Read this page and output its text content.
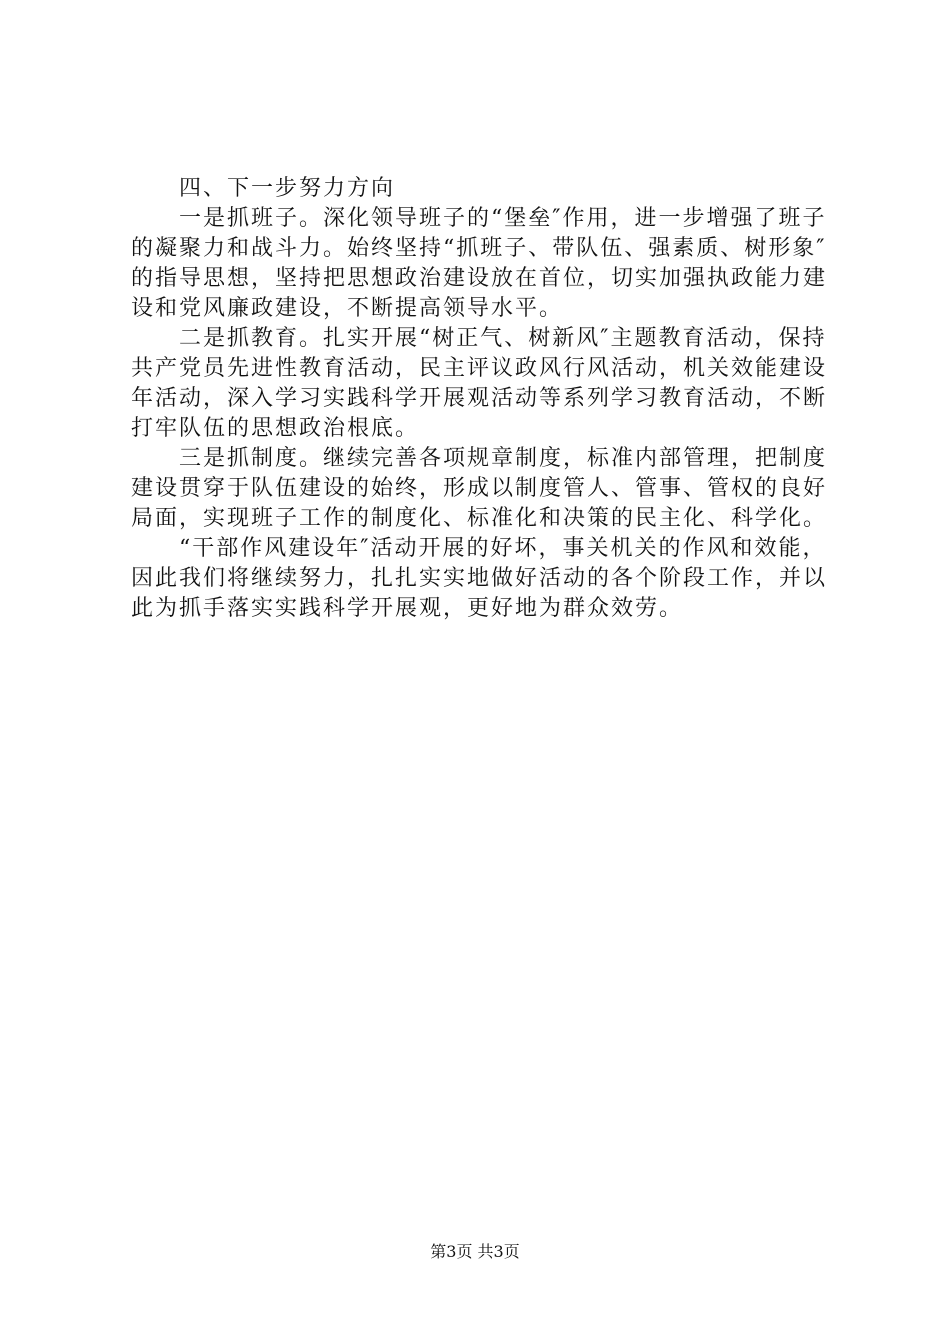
四、下一步努力方向

一是抓班子。深化领导班子的“堡垒″作用，进一步增强了班子的凝聚力和战斗力。始终坚持“抓班子、带队伍、强素质、树形象″的指导思想，坚持把思想政治建设放在首位，切实加强执政能力建设和党风廉政建设，不断提高领导水平。

二是抓教育。扎实开展“树正气、树新风″主题教育活动，保持共产党员先进性教育活动，民主评议政风行风活动，机关效能建设年活动，深入学习实践科学开展观活动等系列学习教育活动，不断打牢队伍的思想政治根底。

三是抓制度。继续完善各项规章制度，标准内部管理，把制度建设贯穿于队伍建设的始终，形成以制度管人、管事、管权的良好局面，实现班子工作的制度化、标准化和决策的民主化、科学化。

“干部作风建设年″活动开展的好坏，事关机关的作风和效能，因此我们将继续努力，扎扎实实地做好活动的各个阶段工作，并以此为抓手落实实践科学开展观，更好地为群众效劳。

第3页 共3页
